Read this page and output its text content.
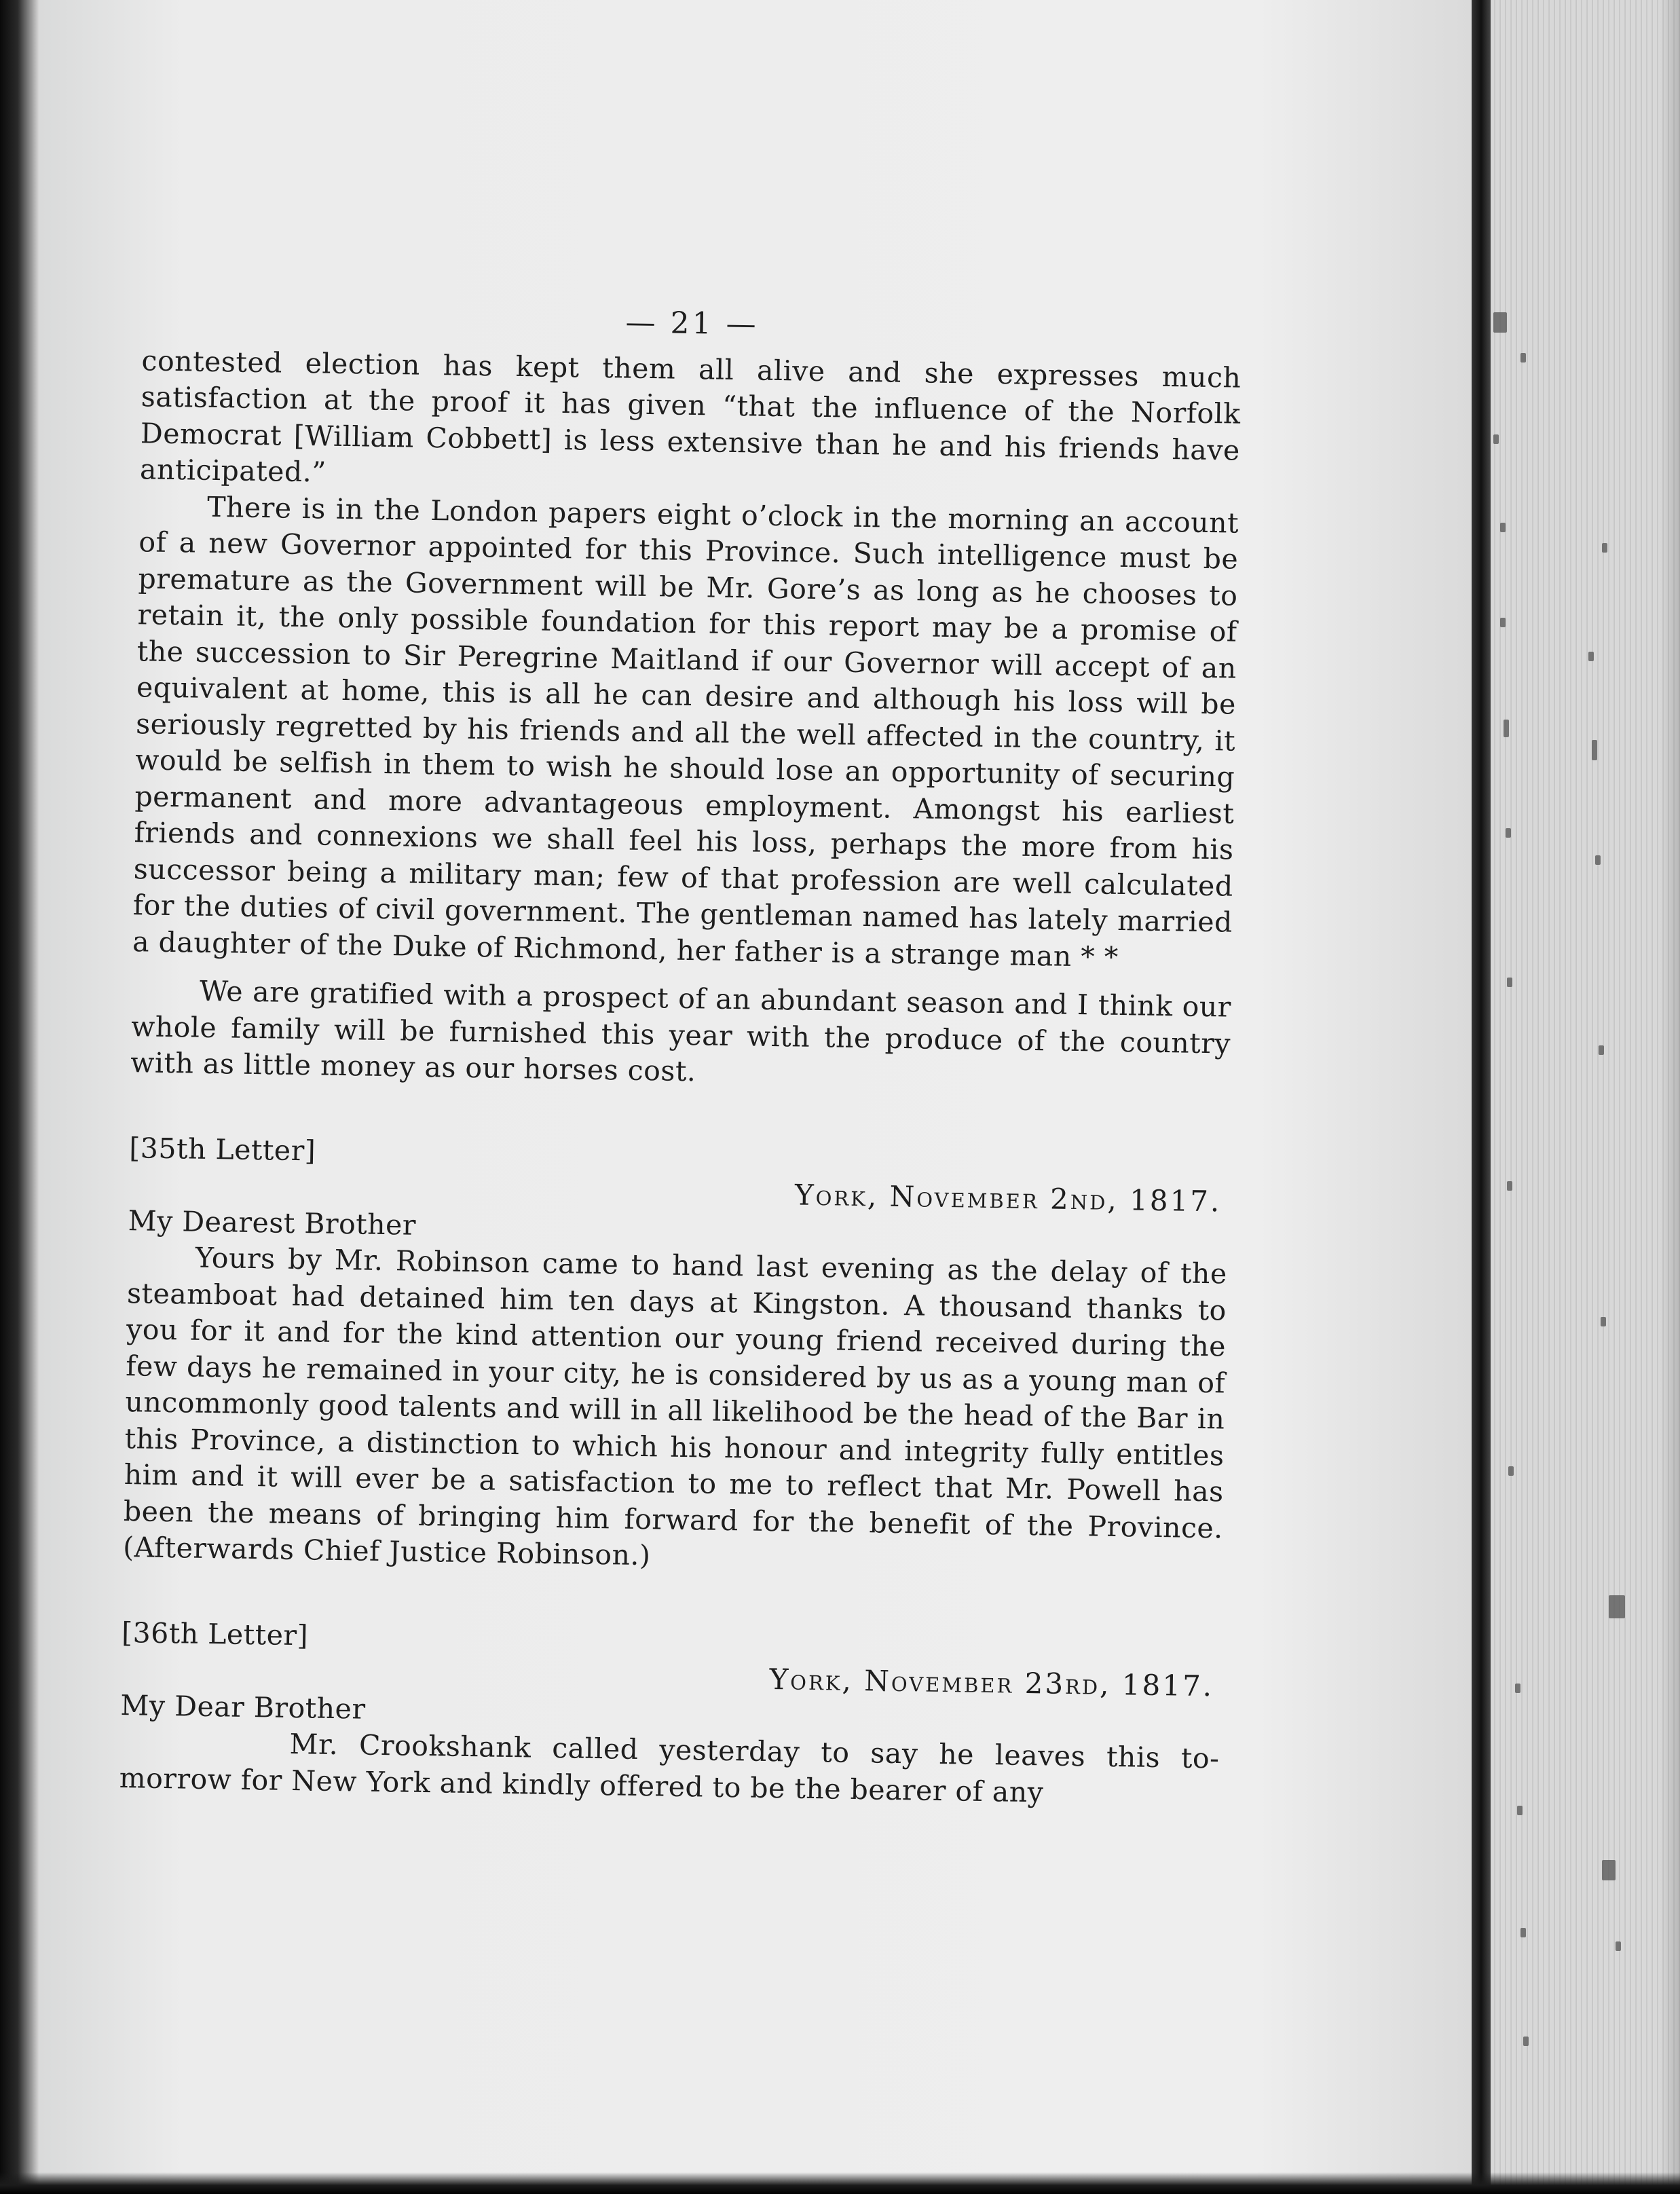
— 21 —

contested election has kept them all alive and she expresses much satisfaction at the proof it has given “that the influence of the Norfolk Democrat [William Cobbett] is less extensive than he and his friends have anticipated.”

There is in the London papers eight o’clock in the morning an account of a new Governor appointed for this Province. Such intelligence must be premature as the Government will be Mr. Gore’s as long as he chooses to retain it, the only possible foundation for this report may be a promise of the succession to Sir Peregrine Maitland if our Governor will accept of an equivalent at home, this is all he can desire and although his loss will be seriously regretted by his friends and all the well affected in the country, it would be selfish in them to wish he should lose an opportunity of securing permanent and more advantageous employment. Amongst his earliest friends and connexions we shall feel his loss, perhaps the more from his successor being a military man; few of that profession are well calculated for the duties of civil government. The gentleman named has lately married a daughter of the Duke of Richmond, her father is a strange man * *

We are gratified with a prospect of an abundant season and I think our whole family will be furnished this year with the produce of the country with as little money as our horses cost.

[35th Letter]

York, November 2nd, 1817.

My Dearest Brother

Yours by Mr. Robinson came to hand last evening as the delay of the steamboat had detained him ten days at Kingston. A thousand thanks to you for it and for the kind attention our young friend received during the few days he remained in your city, he is considered by us as a young man of uncommonly good talents and will in all likelihood be the head of the Bar in this Province, a distinction to which his honour and integrity fully entitles him and it will ever be a satisfaction to me to reflect that Mr. Powell has been the means of bringing him forward for the benefit of the Province. (Afterwards Chief Justice Robinson.)

[36th Letter]

York, November 23rd, 1817.

My Dear Brother

Mr. Crookshank called yesterday to say he leaves this to-morrow for New York and kindly offered to be the bearer of any
